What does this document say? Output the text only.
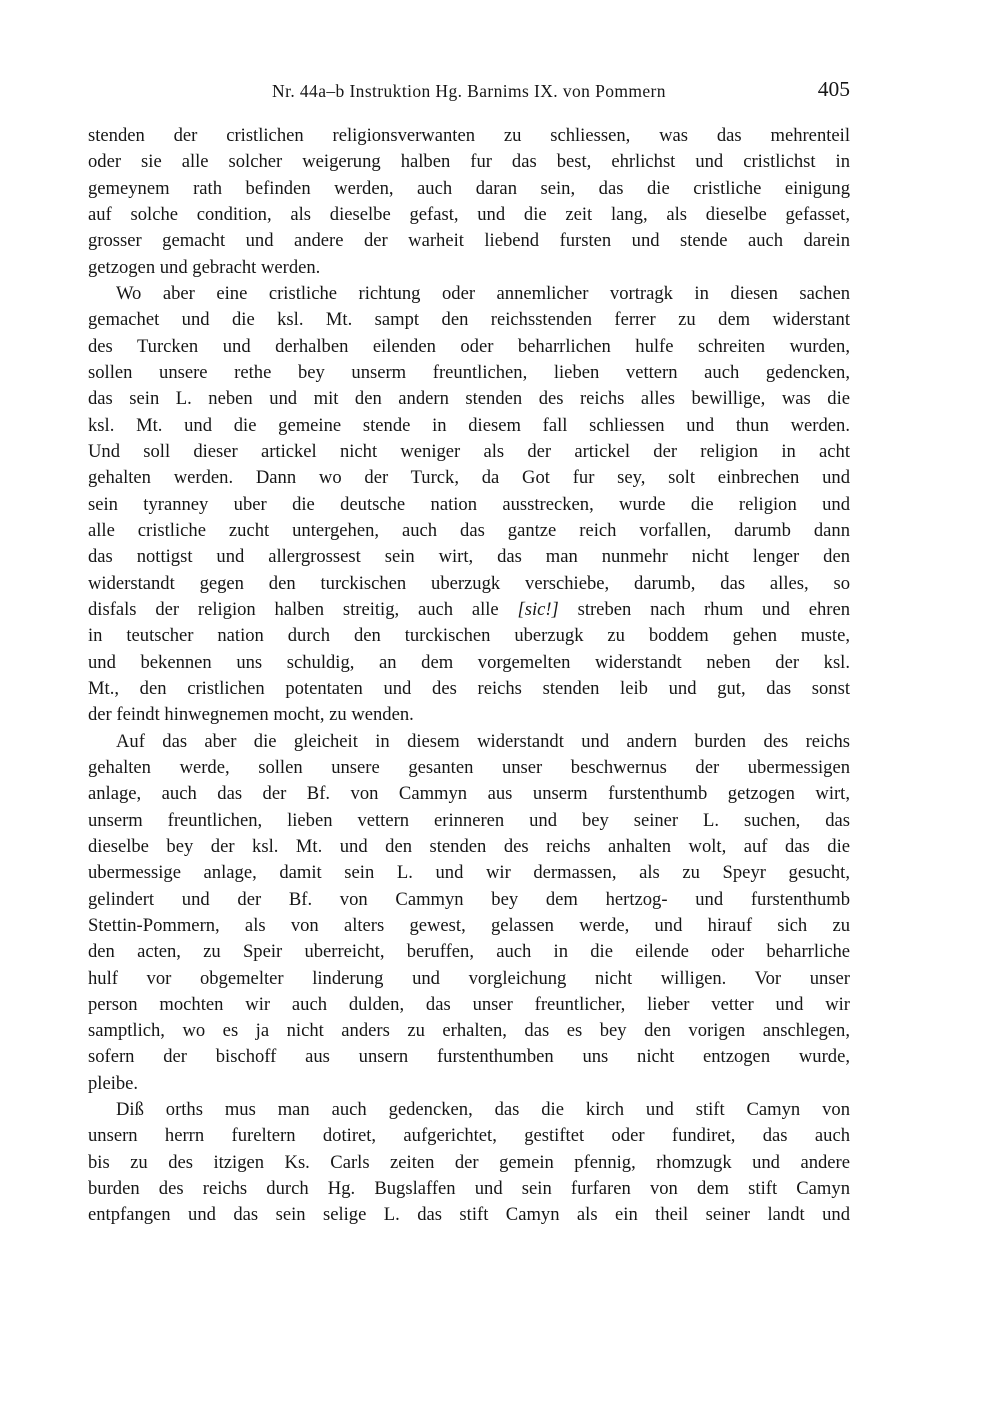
Nr. 44a–b Instruktion Hg. Barnims IX. von Pommern	405
stenden der cristlichen religionsverwanten zu schliessen, was das mehrenteil
oder sie alle solcher weigerung halben fur das best, ehrlichst und cristlichst in
gemeynem rath befinden werden, auch daran sein, das die cristliche einigung
auf solche condition, als dieselbe gefast, und die zeit lang, als dieselbe gefasset,
grosser gemacht und andere der warheit liebend fursten und stende auch darein
getzogen und gebracht werden.
Wo aber eine cristliche richtung oder annemlicher vortragk in diesen sachen
gemachet und die ksl. Mt. sampt den reichsstenden ferrer zu dem widerstant
des Turcken und derhalben eilenden oder beharrlichen hulfe schreiten wurden,
sollen unsere rethe bey unserm freuntlichen, lieben vettern auch gedencken,
das sein L. neben und mit den andern stenden des reichs alles bewillige, was die
ksl. Mt. und die gemeine stende in diesem fall schliessen und thun werden.
Und soll dieser artickel nicht weniger als der artickel der religion in acht
gehalten werden. Dann wo der Turck, da Got fur sey, solt einbrechen und
sein tyranney uber die deutsche nation ausstrecken, wurde die religion und
alle cristliche zucht untergehen, auch das gantze reich vorfallen, darumb dann
das nottigst und allergrossest sein wirt, das man nunmehr nicht lenger den
widerstandt gegen den turckischen uberzugk verschiebe, darumb, das alles, so
disfals der religion halben streitig, auch alle [sic!] streben nach rhum und ehren
in teutscher nation durch den turckischen uberzugk zu boddem gehen muste,
und bekennen uns schuldig, an dem vorgemelten widerstandt neben der ksl.
Mt., den cristlichen potentaten und des reichs stenden leib und gut, das sonst
der feindt hinwegnemen mocht, zu wenden.
Auf das aber die gleicheit in diesem widerstandt und andern burden des reichs
gehalten werde, sollen unsere gesanten unser beschwernus der ubermessigen
anlage, auch das der Bf. von Cammyn aus unserm furstenthumb getzogen wirt,
unserm freuntlichen, lieben vettern erinneren und bey seiner L. suchen, das
dieselbe bey der ksl. Mt. und den stenden des reichs anhalten wolt, auf das die
ubermessige anlage, damit sein L. und wir dermassen, als zu Speyr gesucht,
gelindert und der Bf. von Cammyn bey dem hertzog- und furstenthumb
Stettin-Pommern, als von alters gewest, gelassen werde, und hirauf sich zu
den acten, zu Speir uberreicht, beruffen, auch in die eilende oder beharrliche
hulf vor obgemelter linderung und vorgleichung nicht willigen. Vor unser
person mochten wir auch dulden, das unser freuntlicher, lieber vetter und wir
samptlich, wo es ja nicht anders zu erhalten, das es bey den vorigen anschlegen,
sofern der bischoff aus unsern furstenthumben uns nicht entzogen wurde,
pleibe.
Diß orths mus man auch gedencken, das die kirch und stift Camyn von
unsern herrn fureltern dotiret, aufgerichtet, gestiftet oder fundiret, das auch
bis zu des itzigen Ks. Carls zeiten der gemein pfennig, rhomzugk und andere
burden des reichs durch Hg. Bugslaffen und sein furfaren von dem stift Camyn
entpfangen und das sein selige L. das stift Camyn als ein theil seiner landt und
